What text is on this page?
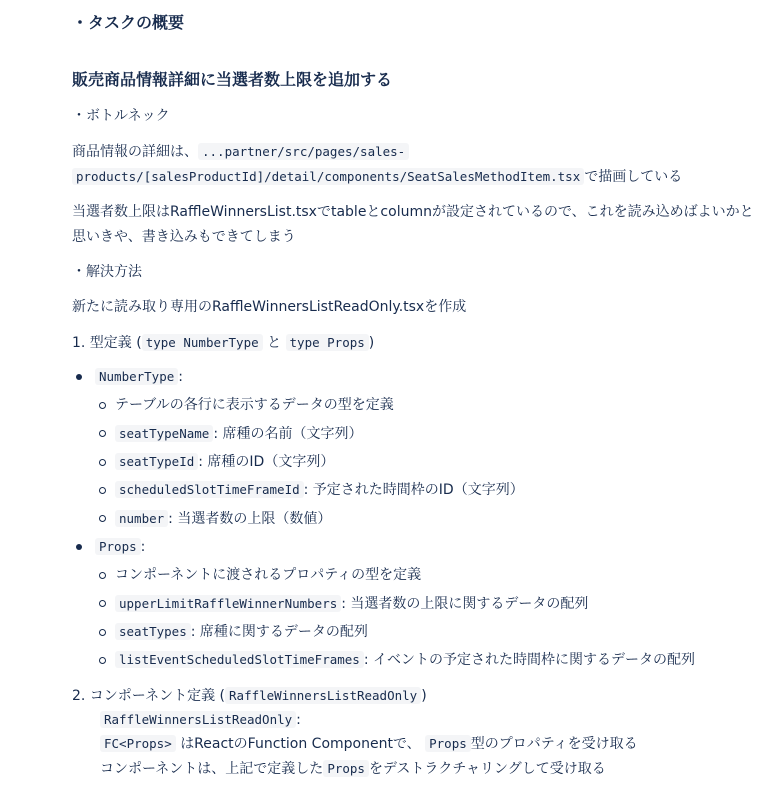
・タスクの概要
販売商品情報詳細に当選者数上限を追加する
・ボトルネック
商品情報の詳細は、 ...partner/src/pages/sales-
products/[salesProductId]/detail/components/SeatSalesMethodItem.tsx で描画している
当選者数上限はRaffleWinnersList.tsxでtableとcolumnが設定されているので、これを読み込めばよいかと
思いきや、書き込みもできてしまう
・解決方法
新たに読み取り専用のRaffleWinnersListReadOnly.tsxを作成
1. 型定義 ( type NumberType と type Props )
NumberType :
テーブルの各行に表示するデータの型を定義
seatTypeName : 席種の名前（文字列）
seatTypeId : 席種のID（文字列）
scheduledSlotTimeFrameId : 予定された時間枠のID（文字列）
number : 当選者数の上限（数値）
Props :
コンポーネントに渡されるプロパティの型を定義
upperLimitRaffleWinnerNumbers : 当選者数の上限に関するデータの配列
seatTypes : 席種に関するデータの配列
listEventScheduledSlotTimeFrames : イベントの予定された時間枠に関するデータの配列
2. コンポーネント定義 ( RaffleWinnersListReadOnly )
RaffleWinnersListReadOnly :
FC<Props> はReactのFunction Componentで、 Props 型のプロパティを受け取る
コンポーネントは、上記で定義した Props をデストラクチャリングして受け取る
